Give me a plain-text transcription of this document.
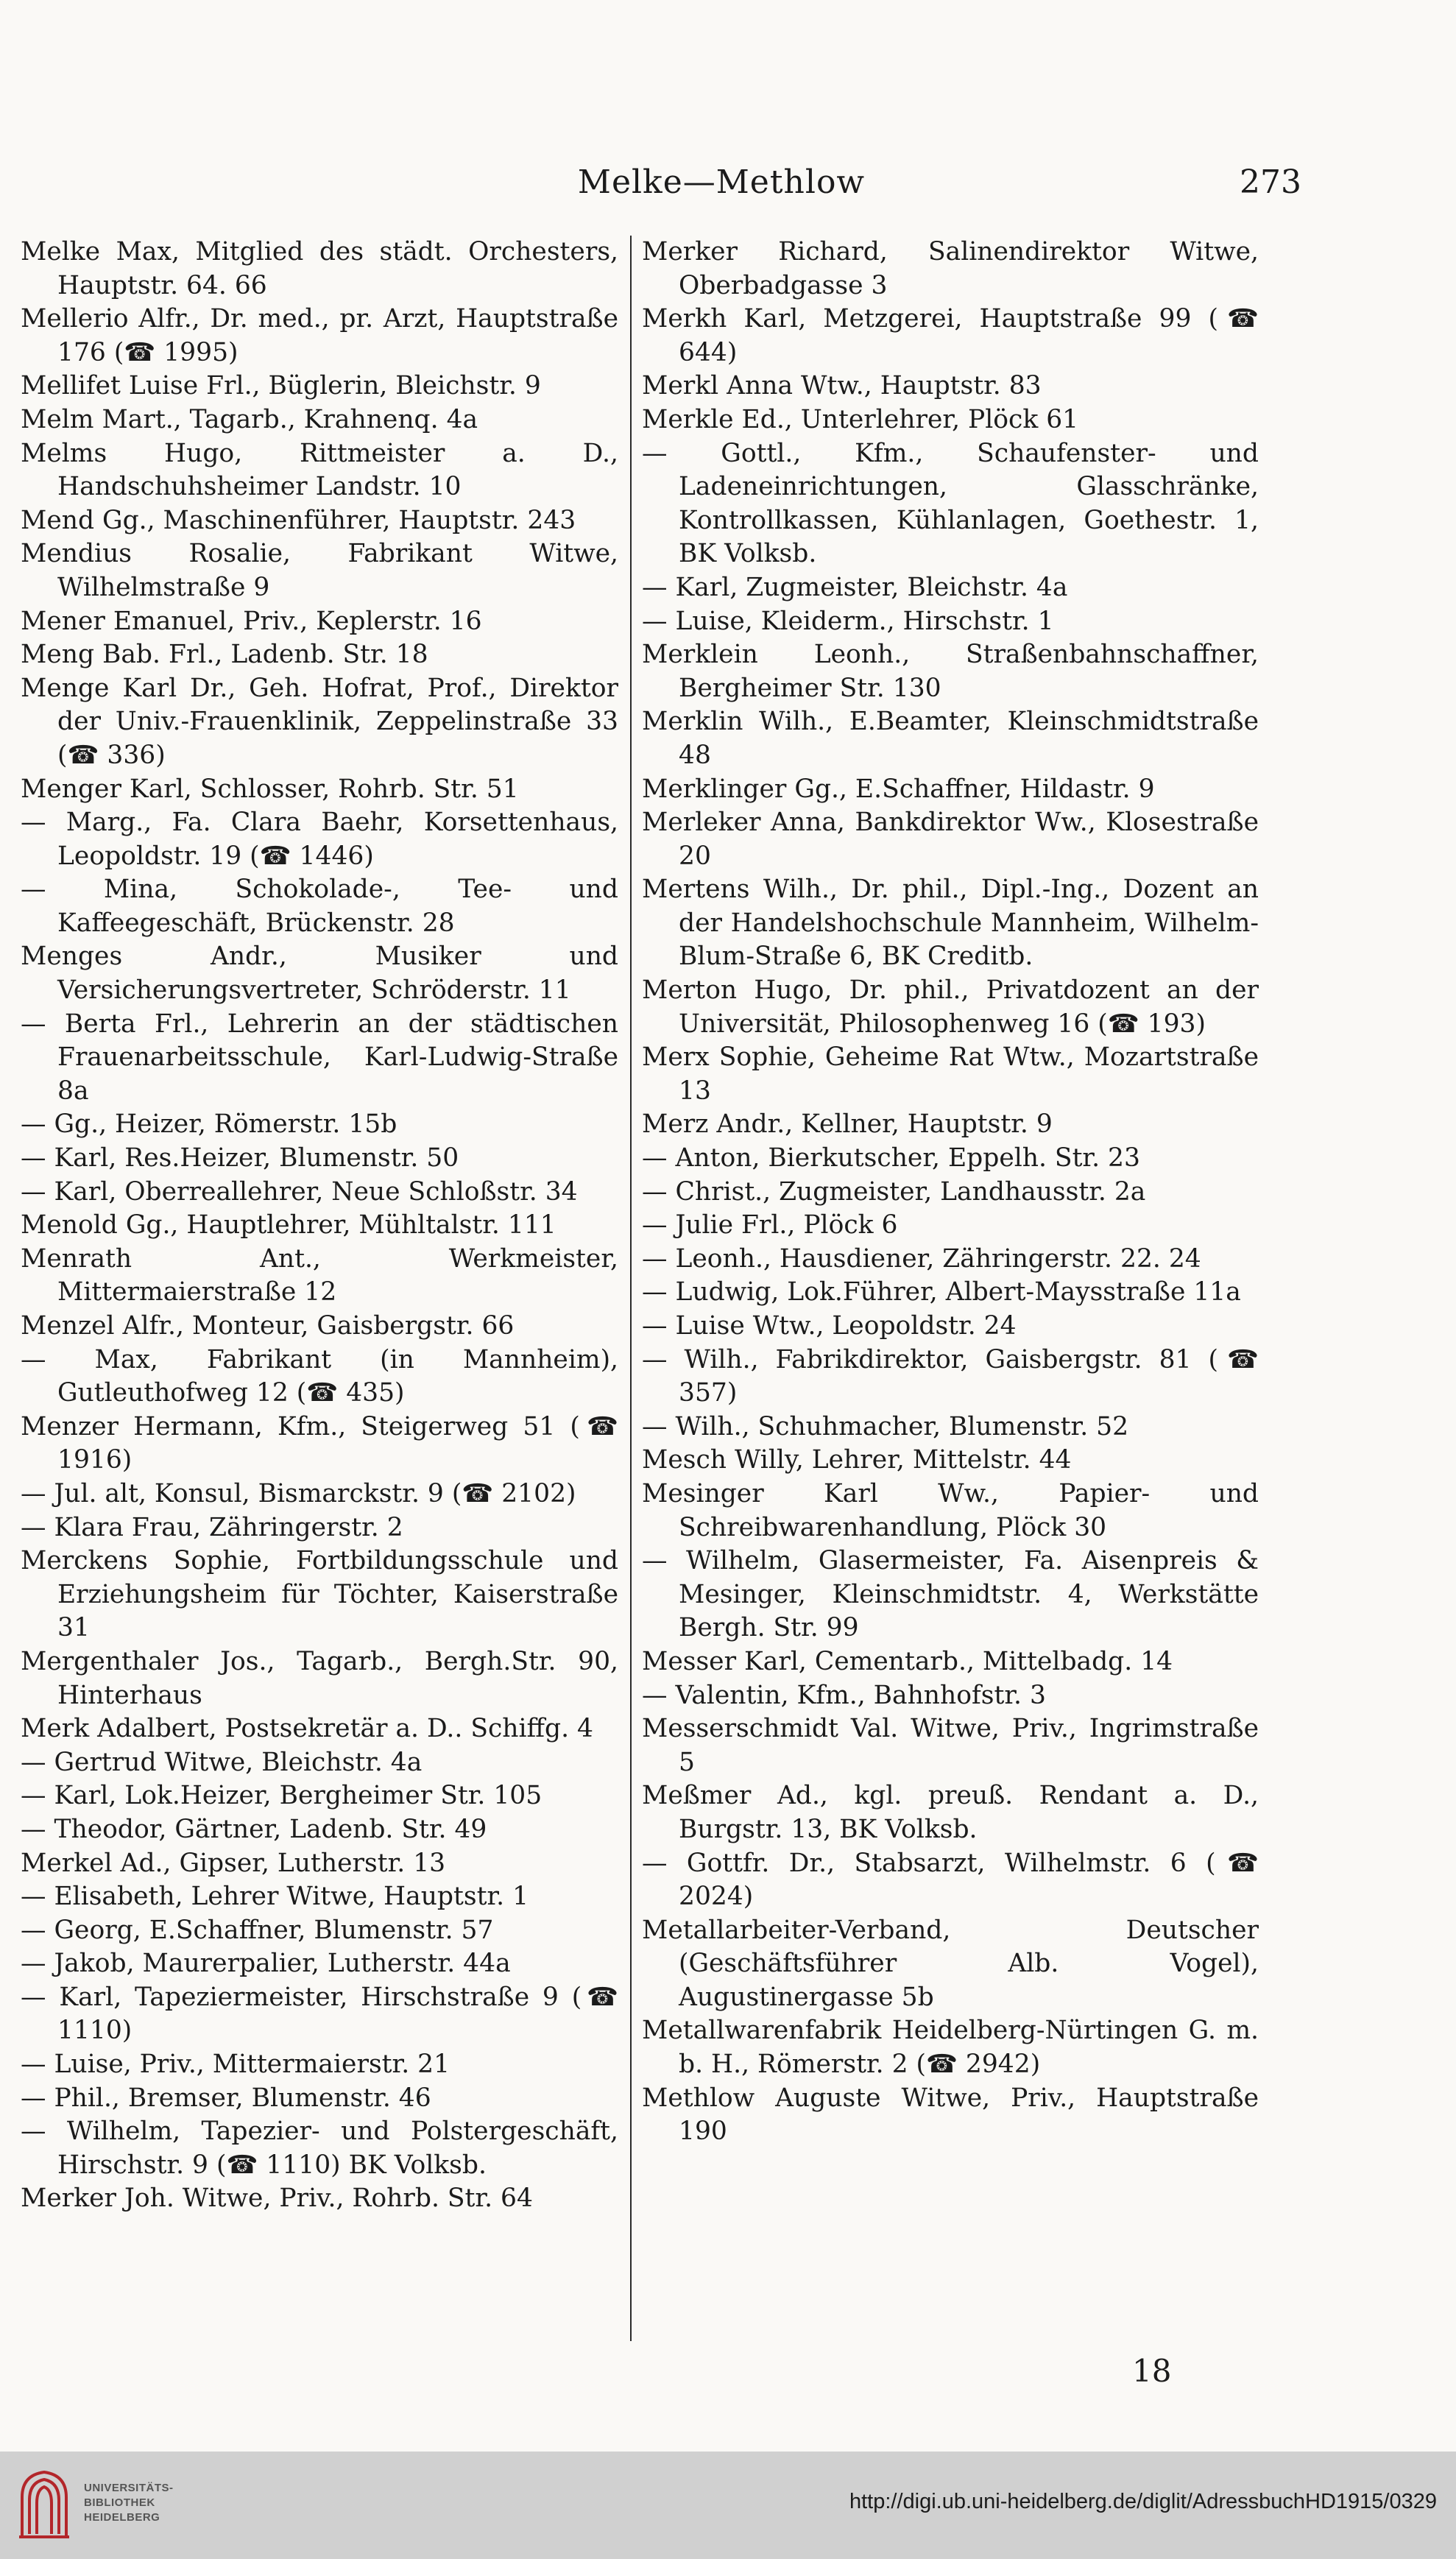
Melke—Methlow	273
Melke Max, Mitglied des städt. Orchesters, Hauptstr. 64. 66
Mellerio Alfr., Dr. med., pr. Arzt, Hauptstraße 176 (☎ 1995)
Mellifet Luise Frl., Büglerin, Bleichstr. 9
Melm Mart., Tagarb., Krahnenq. 4a
Melms Hugo, Rittmeister a. D., Handschuhsheimer Landstr. 10
Mend Gg., Maschinenführer, Hauptstr. 243
Mendius Rosalie, Fabrikant Witwe, Wilhelmstraße 9
Mener Emanuel, Priv., Keplerstr. 16
Meng Bab. Frl., Ladenb. Str. 18
Menge Karl Dr., Geh. Hofrat, Prof., Direktor der Univ.-Frauenklinik, Zeppelinstraße 33 (☎ 336)
Menger Karl, Schlosser, Rohrb. Str. 51
— Marg., Fa. Clara Baehr, Korsettenhaus, Leopoldstr. 19 (☎ 1446)
— Mina, Schokolade-, Tee- und Kaffeegeschäft, Brückenstr. 28
Menges Andr., Musiker und Versicherungsvertreter, Schröderstr. 11
— Berta Frl., Lehrerin an der städtischen Frauenarbeitsschule, Karl-Ludwig-Straße 8a
— Gg., Heizer, Römerstr. 15b
— Karl, Res.Heizer, Blumenstr. 50
— Karl, Oberreallehrer, Neue Schloßstr. 34
Menold Gg., Hauptlehrer, Mühltalstr. 111
Menrath Ant., Werkmeister, Mittermaierstraße 12
Menzel Alfr., Monteur, Gaisbergstr. 66
— Max, Fabrikant (in Mannheim), Gutleuthofweg 12 (☎ 435)
Menzer Hermann, Kfm., Steigerweg 51 (☎ 1916)
— Jul. alt, Konsul, Bismarckstr. 9 (☎ 2102)
— Klara Frau, Zähringerstr. 2
Merckens Sophie, Fortbildungsschule und Erziehungsheim für Töchter, Kaiserstraße 31
Mergenthaler Jos., Tagarb., Bergh.Str. 90, Hinterhaus
Merk Adalbert, Postsekretär a. D.. Schiffg. 4
— Gertrud Witwe, Bleichstr. 4a
— Karl, Lok.Heizer, Bergheimer Str. 105
— Theodor, Gärtner, Ladenb. Str. 49
Merkel Ad., Gipser, Lutherstr. 13
— Elisabeth, Lehrer Witwe, Hauptstr. 1
— Georg, E.Schaffner, Blumenstr. 57
— Jakob, Maurerpalier, Lutherstr. 44a
— Karl, Tapeziermeister, Hirschstraße 9 (☎ 1110)
— Luise, Priv., Mittermaierstr. 21
— Phil., Bremser, Blumenstr. 46
— Wilhelm, Tapezier- und Polstergeschäft, Hirschstr. 9 (☎ 1110) BK Volksb.
Merker Joh. Witwe, Priv., Rohrb. Str. 64
Merker Richard, Salinendirektor Witwe, Oberbadgasse 3
Merkh Karl, Metzgerei, Hauptstraße 99 (☎ 644)
Merkl Anna Wtw., Hauptstr. 83
Merkle Ed., Unterlehrer, Plöck 61
— Gottl., Kfm., Schaufenster- und Ladeneinrichtungen, Glasschränke, Kontrollkassen, Kühlanlagen, Goethestr. 1, BK Volksb.
— Karl, Zugmeister, Bleichstr. 4a
— Luise, Kleiderm., Hirschstr. 1
Merklein Leonh., Straßenbahnschaffner, Bergheimer Str. 130
Merklin Wilh., E.Beamter, Kleinschmidtstraße 48
Merklinger Gg., E.Schaffner, Hildastr. 9
Merleker Anna, Bankdirektor Ww., Klosestraße 20
Mertens Wilh., Dr. phil., Dipl.-Ing., Dozent an der Handelshochschule Mannheim, Wilhelm-Blum-Straße 6, BK Creditb.
Merton Hugo, Dr. phil., Privatdozent an der Universität, Philosophenweg 16 (☎ 193)
Merx Sophie, Geheime Rat Wtw., Mozartstraße 13
Merz Andr., Kellner, Hauptstr. 9
— Anton, Bierkutscher, Eppelh. Str. 23
— Christ., Zugmeister, Landhausstr. 2a
— Julie Frl., Plöck 6
— Leonh., Hausdiener, Zähringerstr. 22. 24
— Ludwig, Lok.Führer, Albert-Maysstraße 11a
— Luise Wtw., Leopoldstr. 24
— Wilh., Fabrikdirektor, Gaisbergstr. 81 (☎ 357)
— Wilh., Schuhmacher, Blumenstr. 52
Mesch Willy, Lehrer, Mittelstr. 44
Mesinger Karl Ww., Papier- und Schreibwarenhandlung, Plöck 30
— Wilhelm, Glasermeister, Fa. Aisenpreis & Mesinger, Kleinschmidtstr. 4, Werkstätte Bergh. Str. 99
Messer Karl, Cementarb., Mittelbadg. 14
— Valentin, Kfm., Bahnhofstr. 3
Messerschmidt Val. Witwe, Priv., Ingrimstraße 5
Meßmer Ad., kgl. preuß. Rendant a. D., Burgstr. 13, BK Volksb.
— Gottfr. Dr., Stabsarzt, Wilhelmstr. 6 (☎ 2024)
Metallarbeiter-Verband, Deutscher (Geschäftsführer Alb. Vogel), Augustinergasse 5b
Metallwarenfabrik Heidelberg-Nürtingen G. m. b. H., Römerstr. 2 (☎ 2942)
Methlow Auguste Witwe, Priv., Hauptstraße 190
18
UNIVERSITÄTS-
BIBLIOTHEK
HEIDELBERG
http://digi.ub.uni-heidelberg.de/diglit/AdressbuchHD1915/0329
